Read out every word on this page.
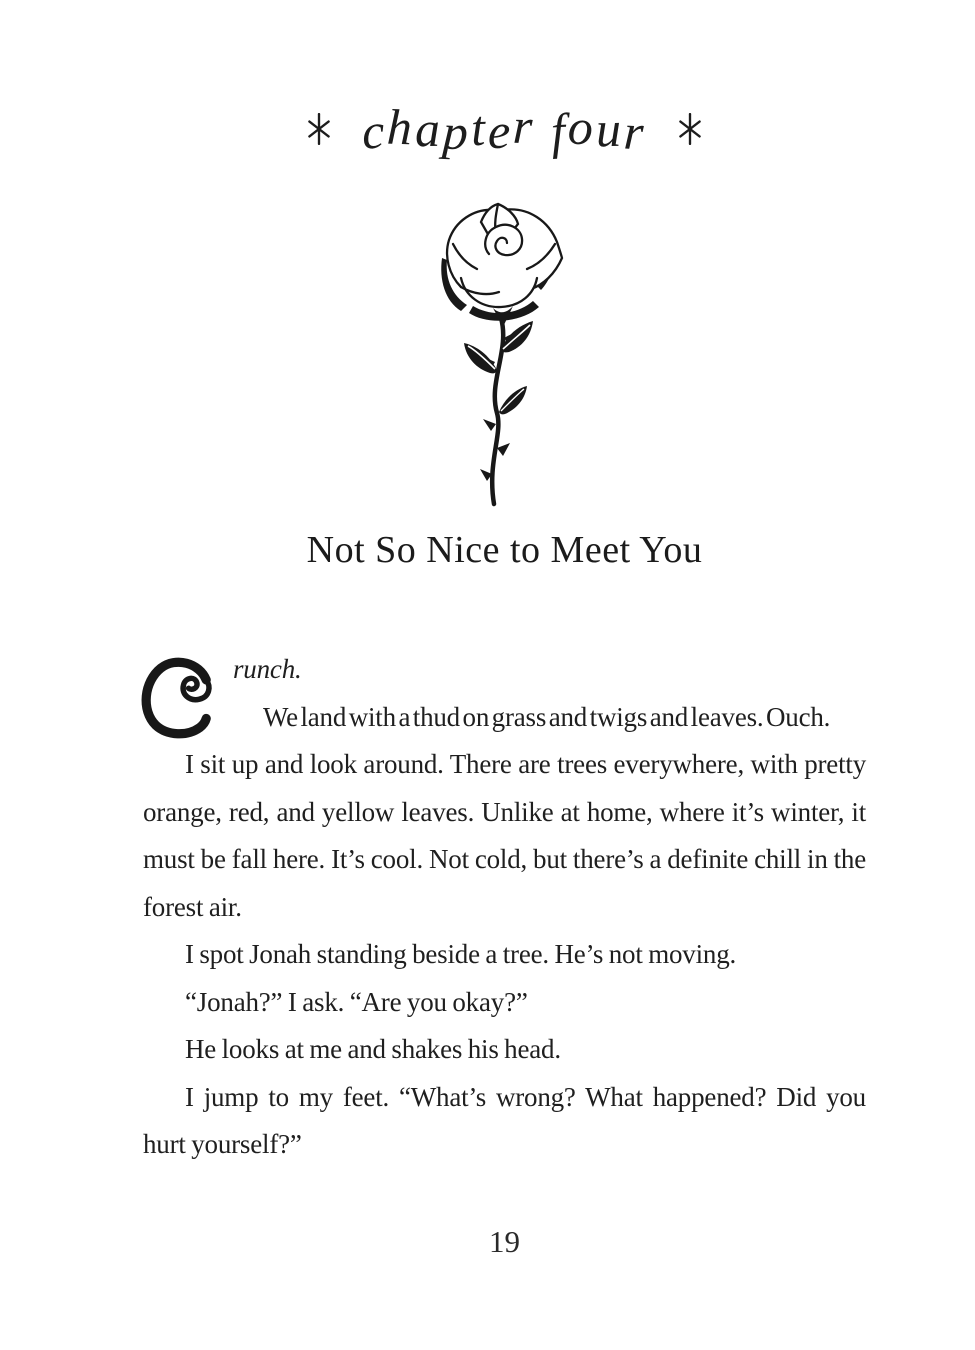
chapter four
Not So Nice to Meet You

runch.

We land with a thud on grass and twigs and leaves. Ouch.

I sit up and look around. There are trees everywhere, with pretty orange, red, and yellow leaves. Unlike at home, where it’s winter, it must be fall here. It’s cool. Not cold, but there’s a definite chill in the forest air.

I spot Jonah standing beside a tree. He’s not moving.

“Jonah?” I ask. “Are you okay?”

He looks at me and shakes his head.

I jump to my feet. “What’s wrong? What happened? Did you hurt yourself?”

19
